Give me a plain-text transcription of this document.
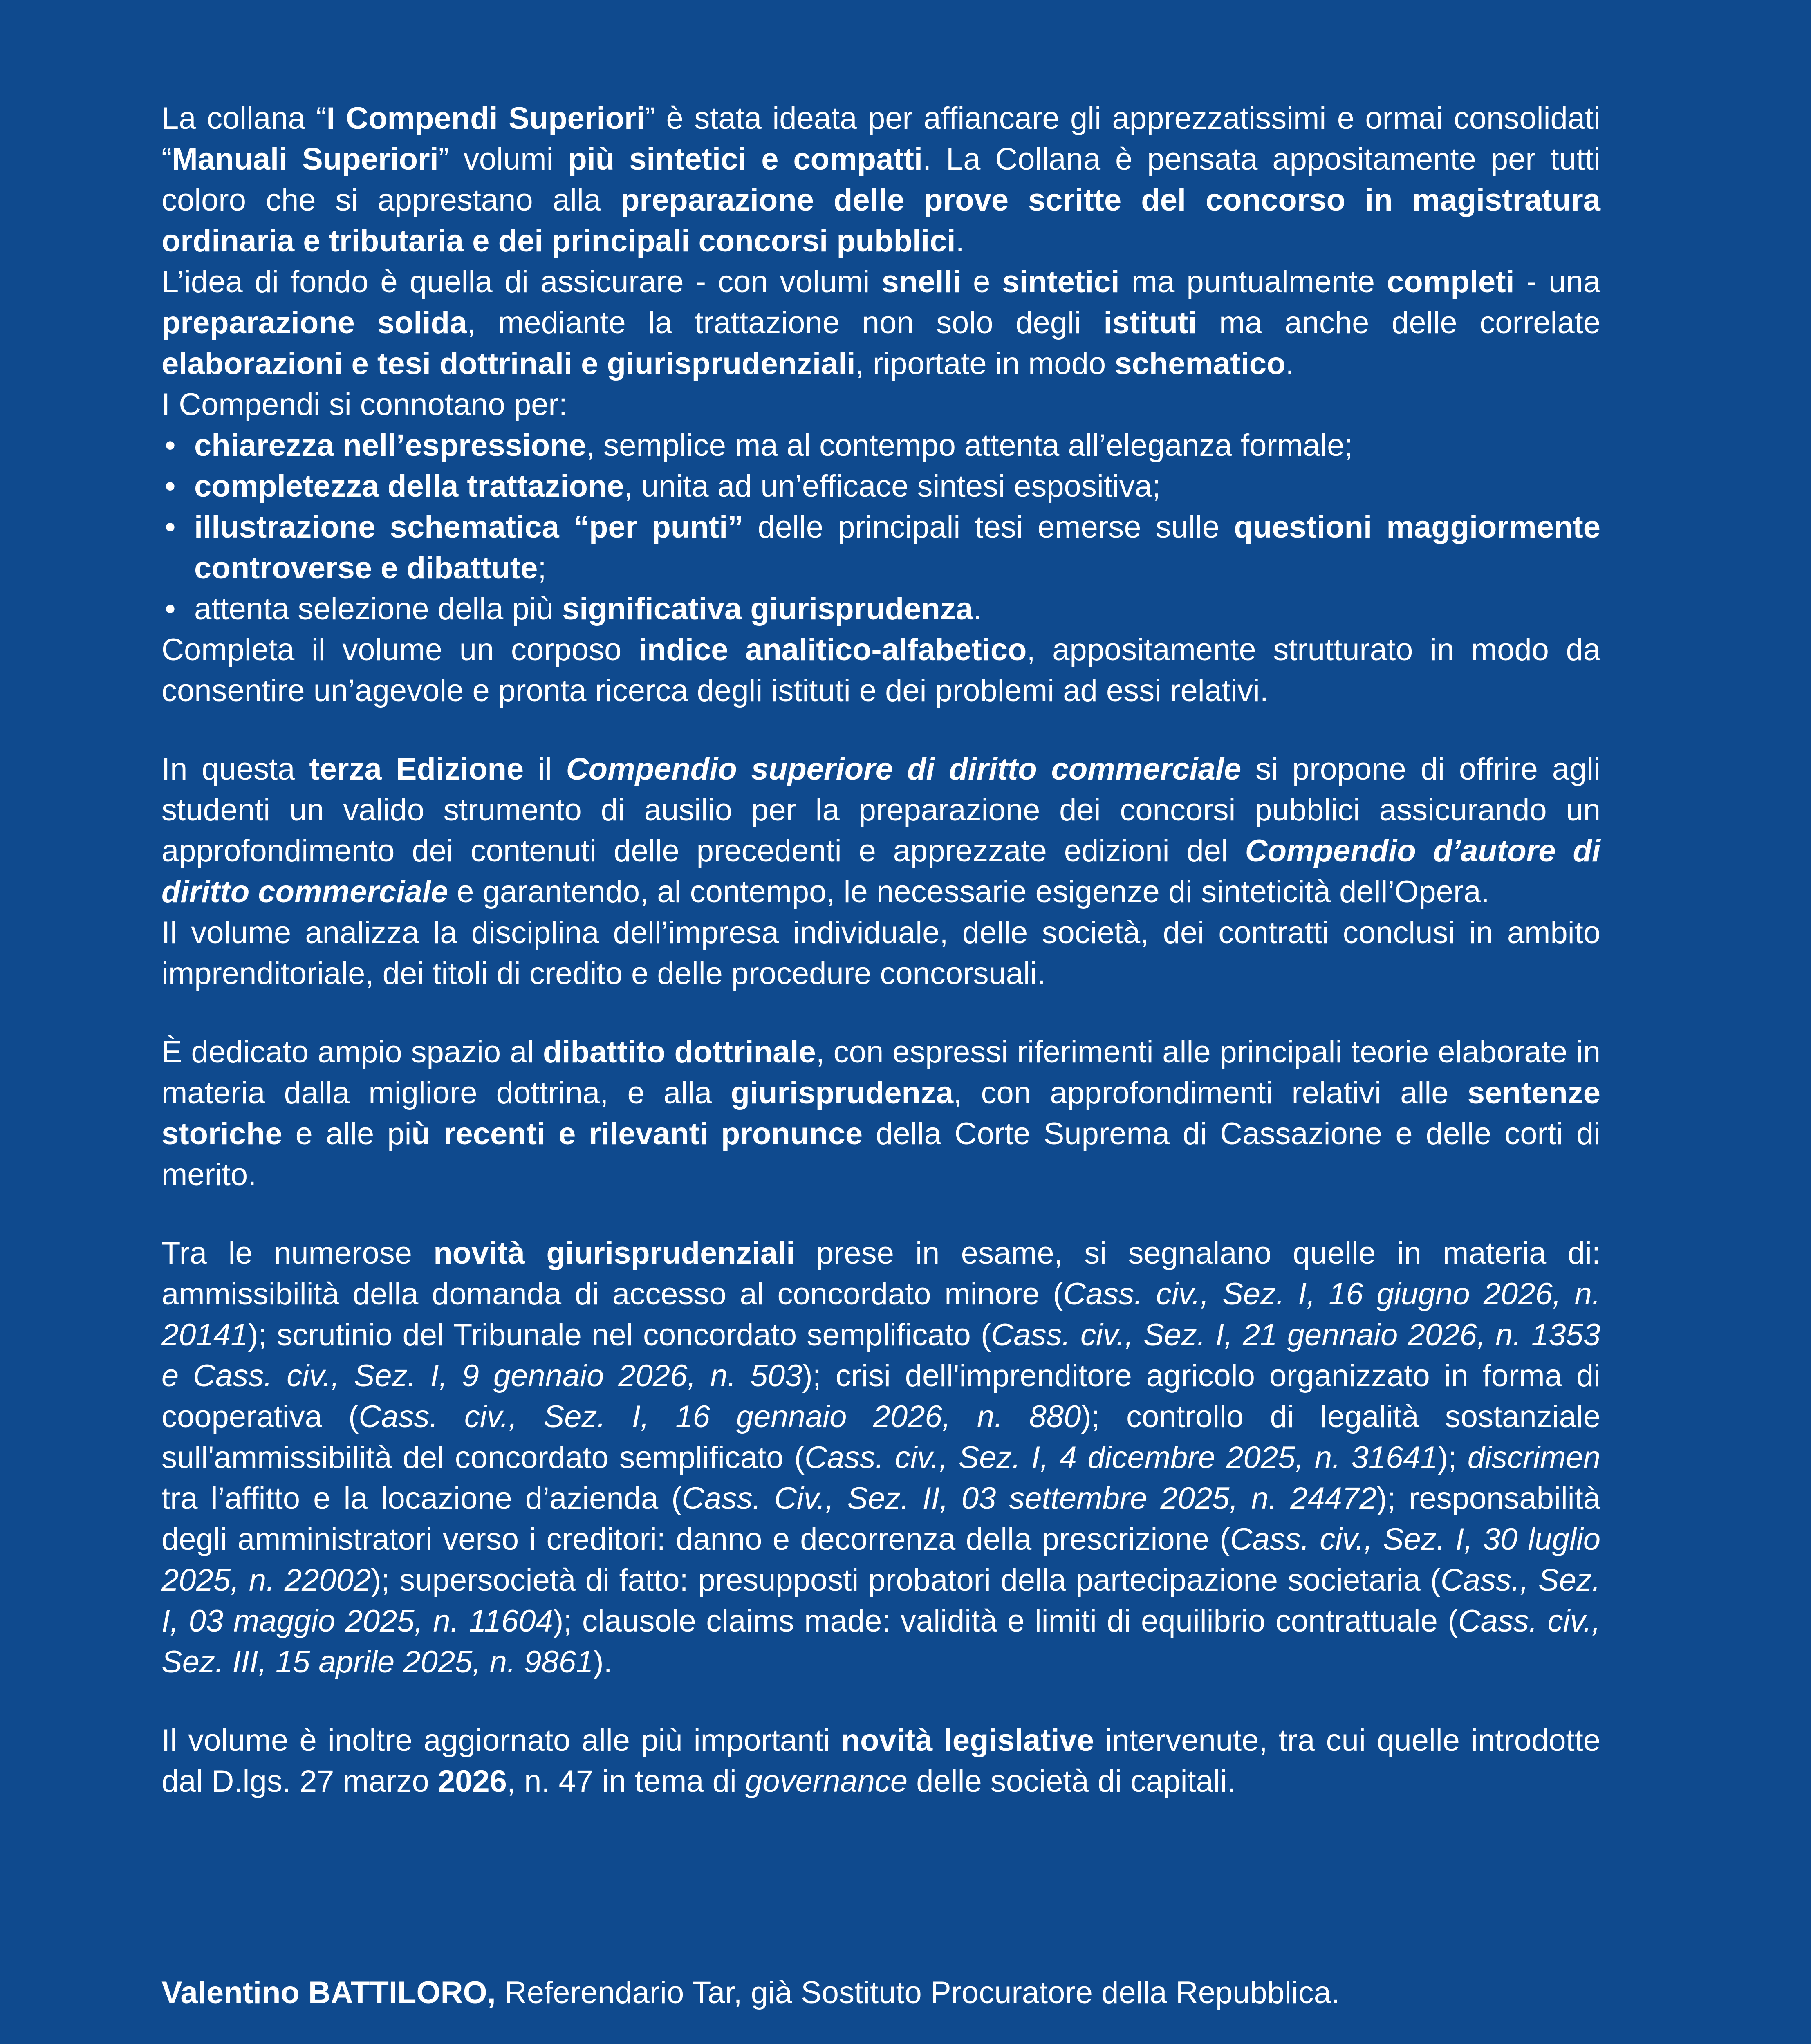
La collana “I Compendi Superiori” è stata ideata per affiancare gli apprezzatissimi e ormai consolidati “Manuali Superiori” volumi più sintetici e compatti. La Collana è pensata appositamente per tutti coloro che si apprestano alla preparazione delle prove scritte del concorso in magistratura ordinaria e tributaria e dei principali concorsi pubblici.

L’idea di fondo è quella di assicurare - con volumi snelli e sintetici ma puntualmente completi - una preparazione solida, mediante la trattazione non solo degli istituti ma anche delle correlate elaborazioni e tesi dottrinali e giurisprudenziali, riportate in modo schematico.

I Compendi si connotano per:

• chiarezza nell’espressione, semplice ma al contempo attenta all’eleganza formale;
• completezza della trattazione, unita ad un’efficace sintesi espositiva;
• illustrazione schematica “per punti” delle principali tesi emerse sulle questioni maggiormente controverse e dibattute;
• attenta selezione della più significativa giurisprudenza.

Completa il volume un corposo indice analitico-alfabetico, appositamente strutturato in modo da consentire un’agevole e pronta ricerca degli istituti e dei problemi ad essi relativi.

In questa terza Edizione il Compendio superiore di diritto commerciale si propone di offrire agli studenti un valido strumento di ausilio per la preparazione dei concorsi pubblici assicurando un approfondimento dei contenuti delle precedenti e apprezzate edizioni del Compendio d’autore di diritto commerciale e garantendo, al contempo, le necessarie esigenze di sinteticità dell’Opera.

Il volume analizza la disciplina dell’impresa individuale, delle società, dei contratti conclusi in ambito imprenditoriale, dei titoli di credito e delle procedure concorsuali.

È dedicato ampio spazio al dibattito dottrinale, con espressi riferimenti alle principali teorie elaborate in materia dalla migliore dottrina, e alla giurisprudenza, con approfondimenti relativi alle sentenze storiche e alle più recenti e rilevanti pronunce della Corte Suprema di Cassazione e delle corti di merito.

Tra le numerose novità giurisprudenziali prese in esame, si segnalano quelle in materia di: ammissibilità della domanda di accesso al concordato minore (Cass. civ., Sez. I, 16 giugno 2026, n. 20141); scrutinio del Tribunale nel concordato semplificato (Cass. civ., Sez. I, 21 gennaio 2026, n. 1353 e Cass. civ., Sez. I, 9 gennaio 2026, n. 503); crisi dell'imprenditore agricolo organizzato in forma di cooperativa (Cass. civ., Sez. I, 16 gennaio 2026, n. 880); controllo di legalità sostanziale sull'ammissibilità del concordato semplificato (Cass. civ., Sez. I, 4 dicembre 2025, n. 31641); discrimen tra l’affitto e la locazione d’azienda (Cass. Civ., Sez. II, 03 settembre 2025, n. 24472); responsabilità degli amministratori verso i creditori: danno e decorrenza della prescrizione (Cass. civ., Sez. I, 30 luglio 2025, n. 22002); supersocietà di fatto: presupposti probatori della partecipazione societaria (Cass., Sez. I, 03 maggio 2025, n. 11604); clausole claims made: validità e limiti di equilibrio contrattuale (Cass. civ., Sez. III, 15 aprile 2025, n. 9861).

Il volume è inoltre aggiornato alle più importanti novità legislative intervenute, tra cui quelle introdotte dal D.lgs. 27 marzo 2026, n. 47 in tema di governance delle società di capitali.

Valentino BATTILORO, Referendario Tar, già Sostituto Procuratore della Repubblica.
